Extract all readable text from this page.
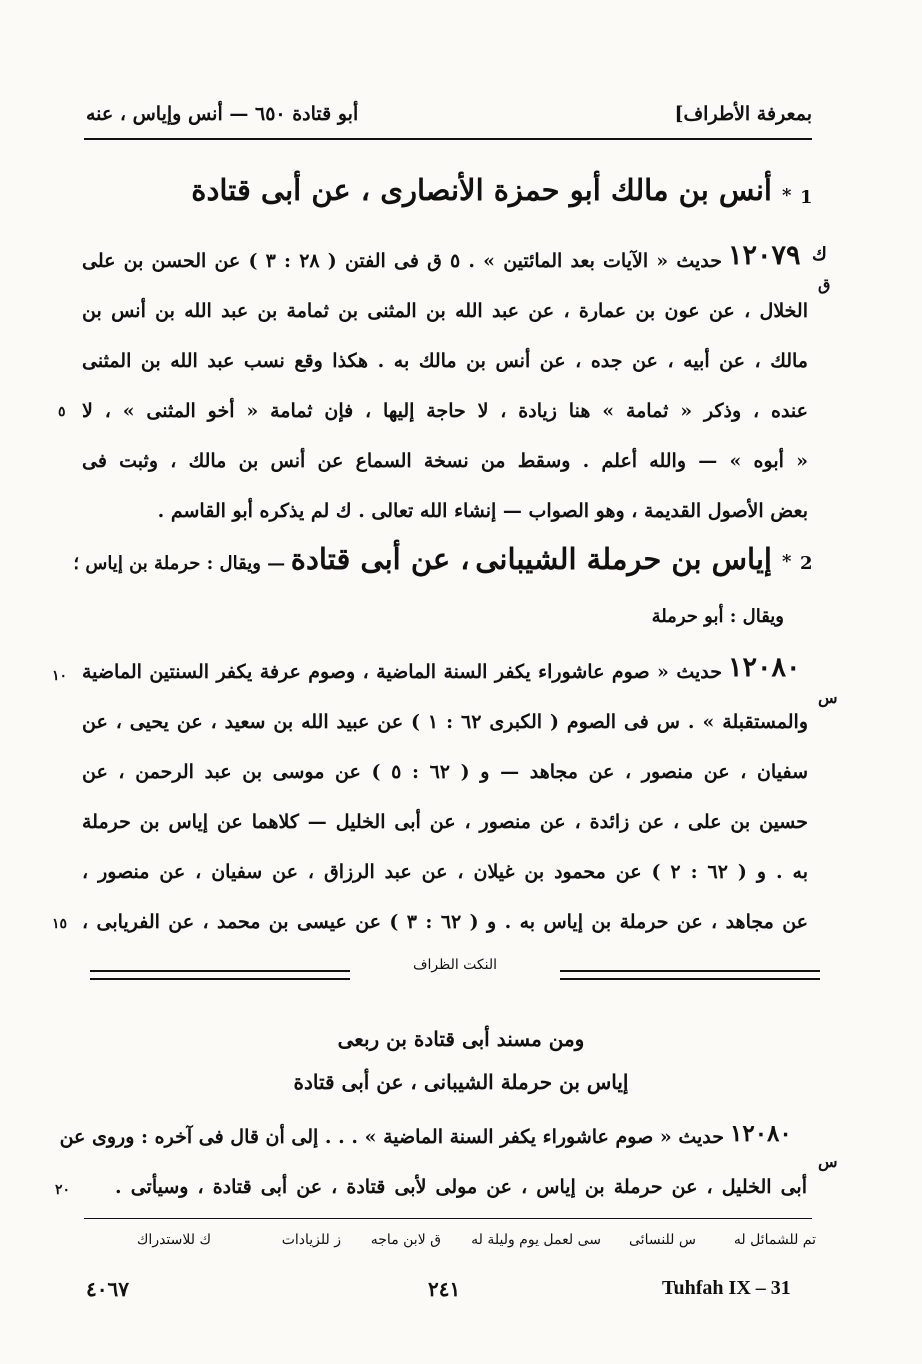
بمعرفة الأطراف]
أبو قتادة ٦٥٠ — أنس وإياس ، عنه
1
*
أنس بن مالك أبو حمزة الأنصارى ، عن أبى قتادة
ك
ق
١٢٠٧٩
حديث « الآيات بعد المائتين » . ٥ ق فى الفتن ( ٢٨ : ٣ ) عن الحسن بن على
الخلال ، عن عون بن عمارة ، عن عبد الله بن المثنى بن ثمامة بن عبد الله بن أنس بن
مالك ، عن أبيه ، عن جده ، عن أنس بن مالك به . هكذا وقع نسب عبد الله بن المثنى
عنده ، وذكر « ثمامة » هنا زيادة ، لا حاجة إليها ، فإن ثمامة « أخو المثنى » ، لا
٥
« أبوه » — والله أعلم . وسقط من نسخة السماع عن أنس بن مالك ، وثبت فى
بعض الأصول القديمة ، وهو الصواب — إنشاء الله تعالى . ك لم يذكره أبو القاسم .
2
*
إياس بن حرملة الشيبانى ، عن أبى قتادة — ويقال : حرملة بن إياس ؛
ويقال : أبو حرملة
١٢٠٨٠
س
حديث « صوم عاشوراء يكفر السنة الماضية ، وصوم عرفة يكفر السنتين الماضية
١٠
والمستقبلة » . س فى الصوم ( الكبرى ٦٢ : ١ ) عن عبيد الله بن سعيد ، عن يحيى ، عن
سفيان ، عن منصور ، عن مجاهد — و ( ٦٢ : ٥ ) عن موسى بن عبد الرحمن ، عن
حسين بن على ، عن زائدة ، عن منصور ، عن أبى الخليل — كلاهما عن إياس بن حرملة
به . و ( ٦٢ : ٢ ) عن محمود بن غيلان ، عن عبد الرزاق ، عن سفيان ، عن منصور ،
عن مجاهد ، عن حرملة بن إياس به . و ( ٦٢ : ٣ ) عن عيسى بن محمد ، عن الفريابى ،
١٥
النكت الظراف
ومن مسند أبى قتادة بن ربعى
إياس بن حرملة الشيبانى ، عن أبى قتادة
١٢٠٨٠
س
حديث « صوم عاشوراء يكفر السنة الماضية » . . . إلى أن قال فى آخره : وروى عن
أبى الخليل ، عن حرملة بن إياس ، عن مولى لأبى قتادة ، عن أبى قتادة ، وسيأتى .
٢٠
تم للشمائل له
س للنسائى
سى لعمل يوم وليلة له
ق لابن ماجه
ز للزيادات
ك للاستدراك
Tuhfah IX – 31
٢٤١
٤٠٦٧
